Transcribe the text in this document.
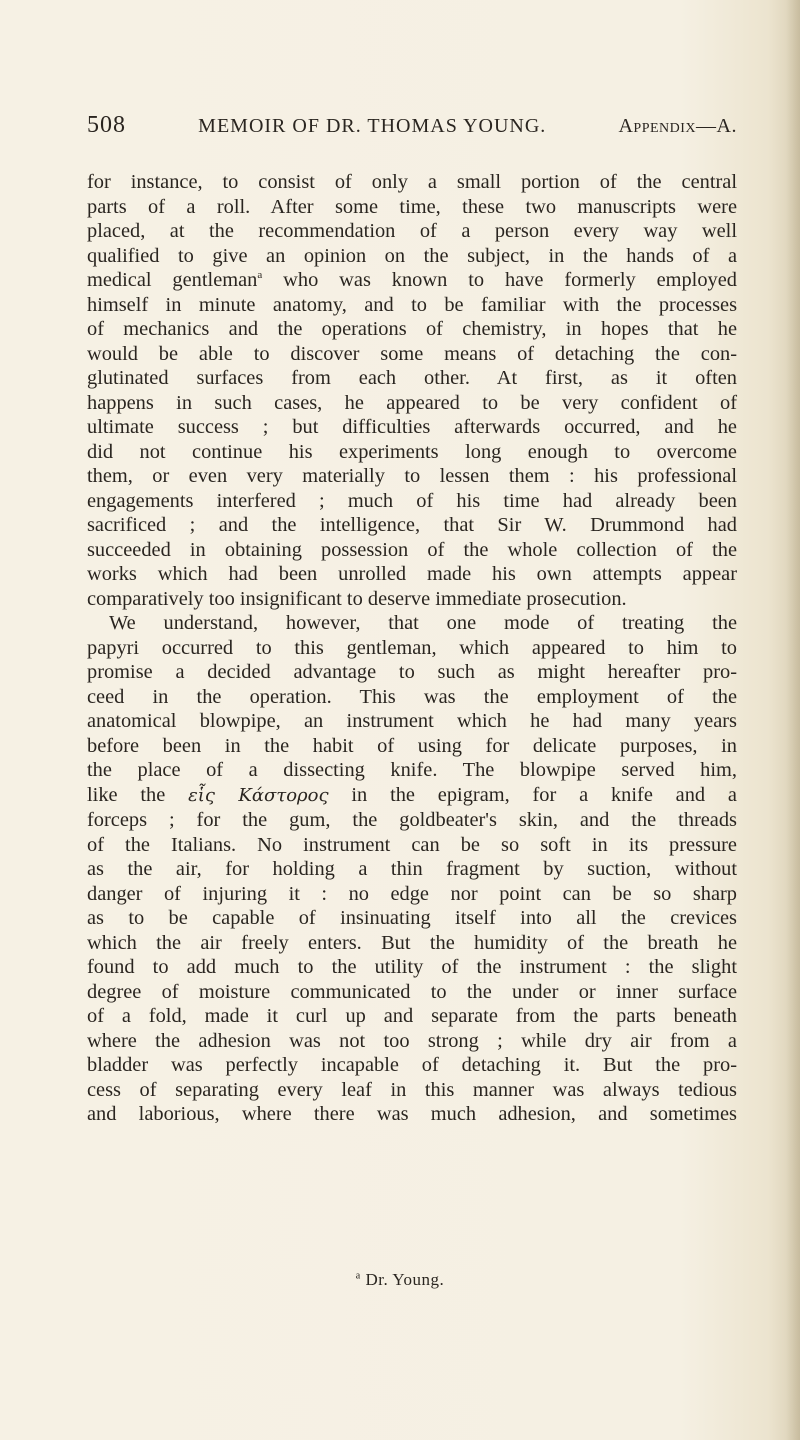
508	MEMOIR OF DR. THOMAS YOUNG.	Appendix—A.
for instance, to consist of only a small portion of the central
parts of a roll. After some time, these two manuscripts were
placed, at the recommendation of a person every way well
qualified to give an opinion on the subject, in the hands of a
medical gentleman$^a$ who was known to have formerly employed
himself in minute anatomy, and to be familiar with the processes
of mechanics and the operations of chemistry, in hopes that he
would be able to discover some means of detaching the con-
glutinated surfaces from each other. At first, as it often
happens in such cases, he appeared to be very confident of
ultimate success ; but difficulties afterwards occurred, and he
did not continue his experiments long enough to overcome
them, or even very materially to lessen them : his professional
engagements interfered ; much of his time had already been
sacrificed ; and the intelligence, that Sir W. Drummond had
succeeded in obtaining possession of the whole collection of the
works which had been unrolled made his own attempts appear
comparatively too insignificant to deserve immediate prosecution.
We understand, however, that one mode of treating the
papyri occurred to this gentleman, which appeared to him to
promise a decided advantage to such as might hereafter pro-
ceed in the operation. This was the employment of the
anatomical blowpipe, an instrument which he had many years
before been in the habit of using for delicate purposes, in
the place of a dissecting knife. The blowpipe served him,
like the εἷς Κάστορος in the epigram, for a knife and a
forceps ; for the gum, the goldbeater's skin, and the threads
of the Italians. No instrument can be so soft in its pressure
as the air, for holding a thin fragment by suction, without
danger of injuring it : no edge nor point can be so sharp
as to be capable of insinuating itself into all the crevices
which the air freely enters. But the humidity of the breath he
found to add much to the utility of the instrument : the slight
degree of moisture communicated to the under or inner surface
of a fold, made it curl up and separate from the parts beneath
where the adhesion was not too strong ; while dry air from a
bladder was perfectly incapable of detaching it. But the pro-
cess of separating every leaf in this manner was always tedious
and laborious, where there was much adhesion, and sometimes
$^a$ Dr. Young.
